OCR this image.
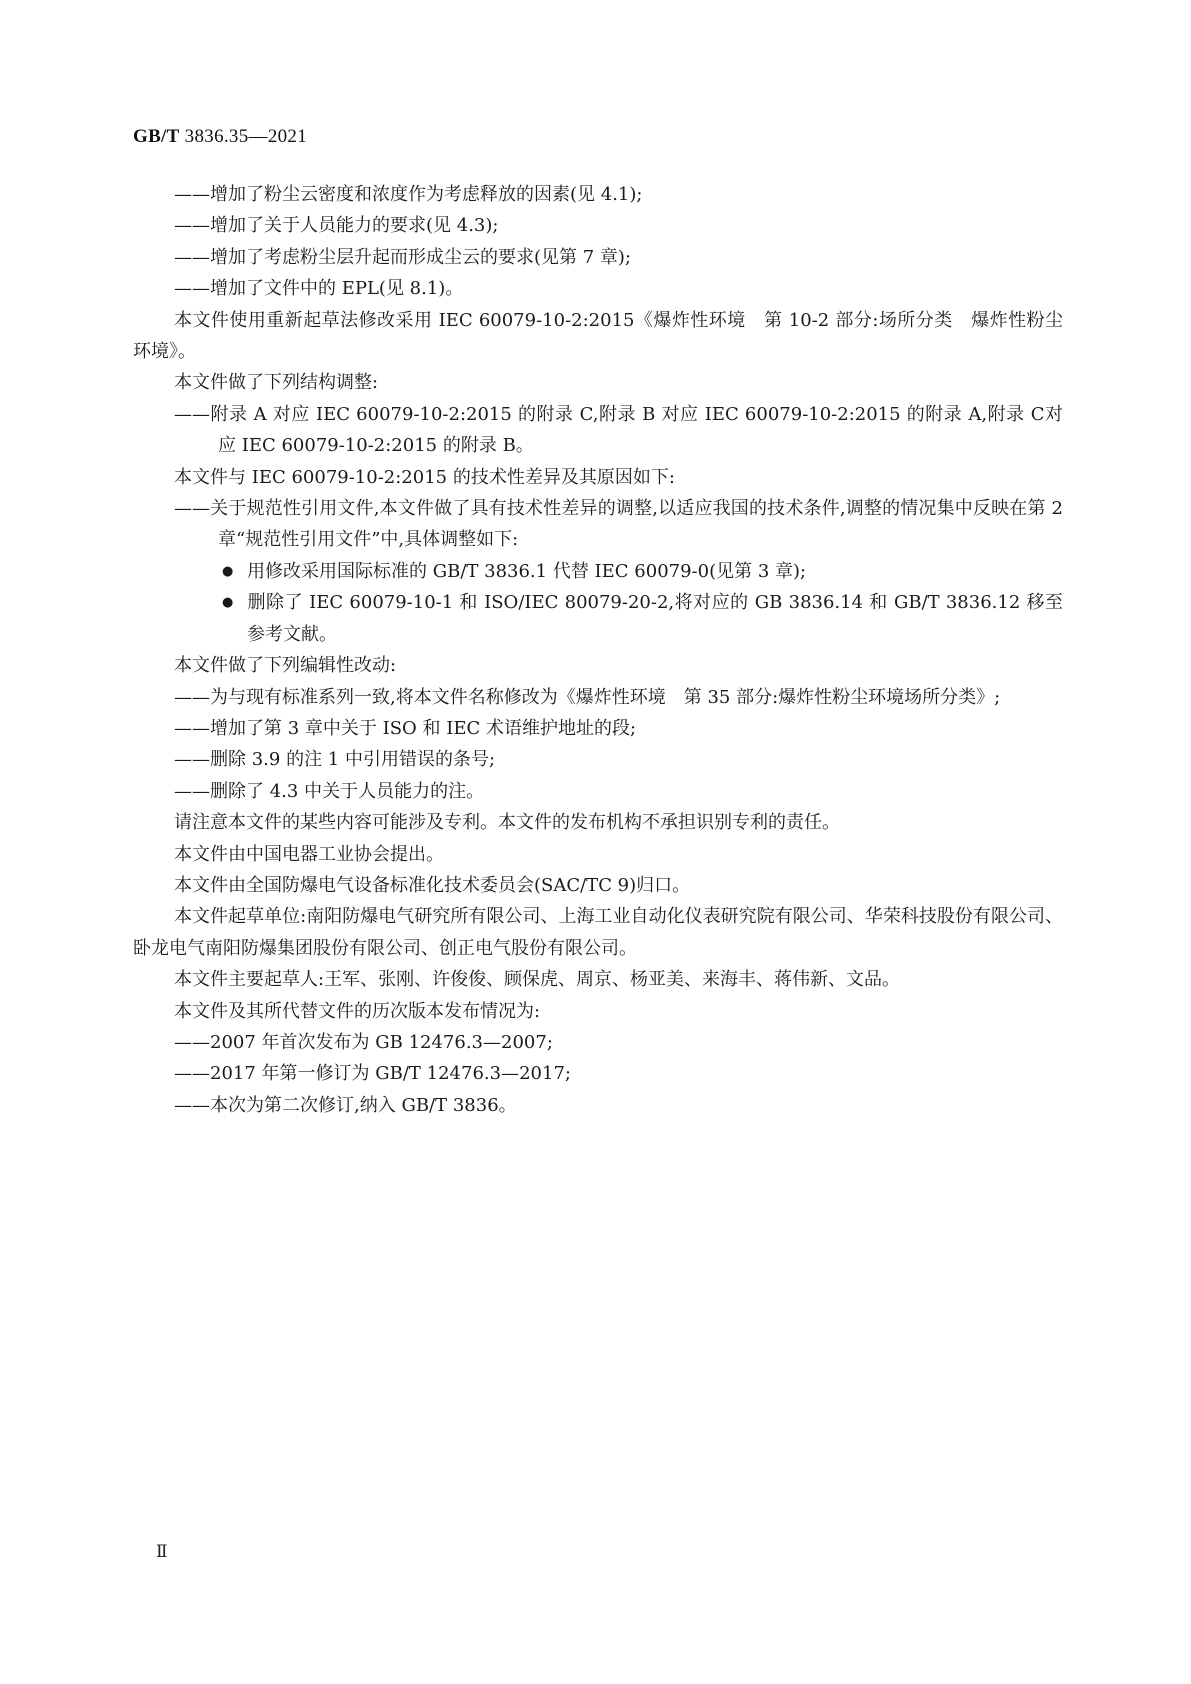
GB/T 3836.35—2021
——增加了粉尘云密度和浓度作为考虑释放的因素(见 4.1);
——增加了关于人员能力的要求(见 4.3);
——增加了考虑粉尘层升起而形成尘云的要求(见第 7 章);
——增加了文件中的 EPL(见 8.1)。
本文件使用重新起草法修改采用 IEC 60079-10-2:2015《爆炸性环境　第 10-2 部分:场所分类　爆炸性粉尘环境》。
本文件做了下列结构调整:
——附录 A 对应 IEC 60079-10-2:2015 的附录 C,附录 B 对应 IEC 60079-10-2:2015 的附录 A,附录 C对应 IEC 60079-10-2:2015 的附录 B。
本文件与 IEC 60079-10-2:2015 的技术性差异及其原因如下:
——关于规范性引用文件,本文件做了具有技术性差异的调整,以适应我国的技术条件,调整的情况集中反映在第 2 章“规范性引用文件”中,具体调整如下:
● 用修改采用国际标准的 GB/T 3836.1 代替 IEC 60079-0(见第 3 章);
● 删除了 IEC 60079-10-1 和 ISO/IEC 80079-20-2,将对应的 GB 3836.14 和 GB/T 3836.12 移至参考文献。
本文件做了下列编辑性改动:
——为与现有标准系列一致,将本文件名称修改为《爆炸性环境　第 35 部分:爆炸性粉尘环境场所分类》;
——增加了第 3 章中关于 ISO 和 IEC 术语维护地址的段;
——删除 3.9 的注 1 中引用错误的条号;
——删除了 4.3 中关于人员能力的注。
请注意本文件的某些内容可能涉及专利。本文件的发布机构不承担识别专利的责任。
本文件由中国电器工业协会提出。
本文件由全国防爆电气设备标准化技术委员会(SAC/TC 9)归口。
本文件起草单位:南阳防爆电气研究所有限公司、上海工业自动化仪表研究院有限公司、华荣科技股份有限公司、卧龙电气南阳防爆集团股份有限公司、创正电气股份有限公司。
本文件主要起草人:王军、张刚、许俊俊、顾保虎、周京、杨亚美、来海丰、蒋伟新、文品。
本文件及其所代替文件的历次版本发布情况为:
——2007 年首次发布为 GB 12476.3—2007;
——2017 年第一修订为 GB/T 12476.3—2017;
——本次为第二次修订,纳入 GB/T 3836。
Ⅱ
